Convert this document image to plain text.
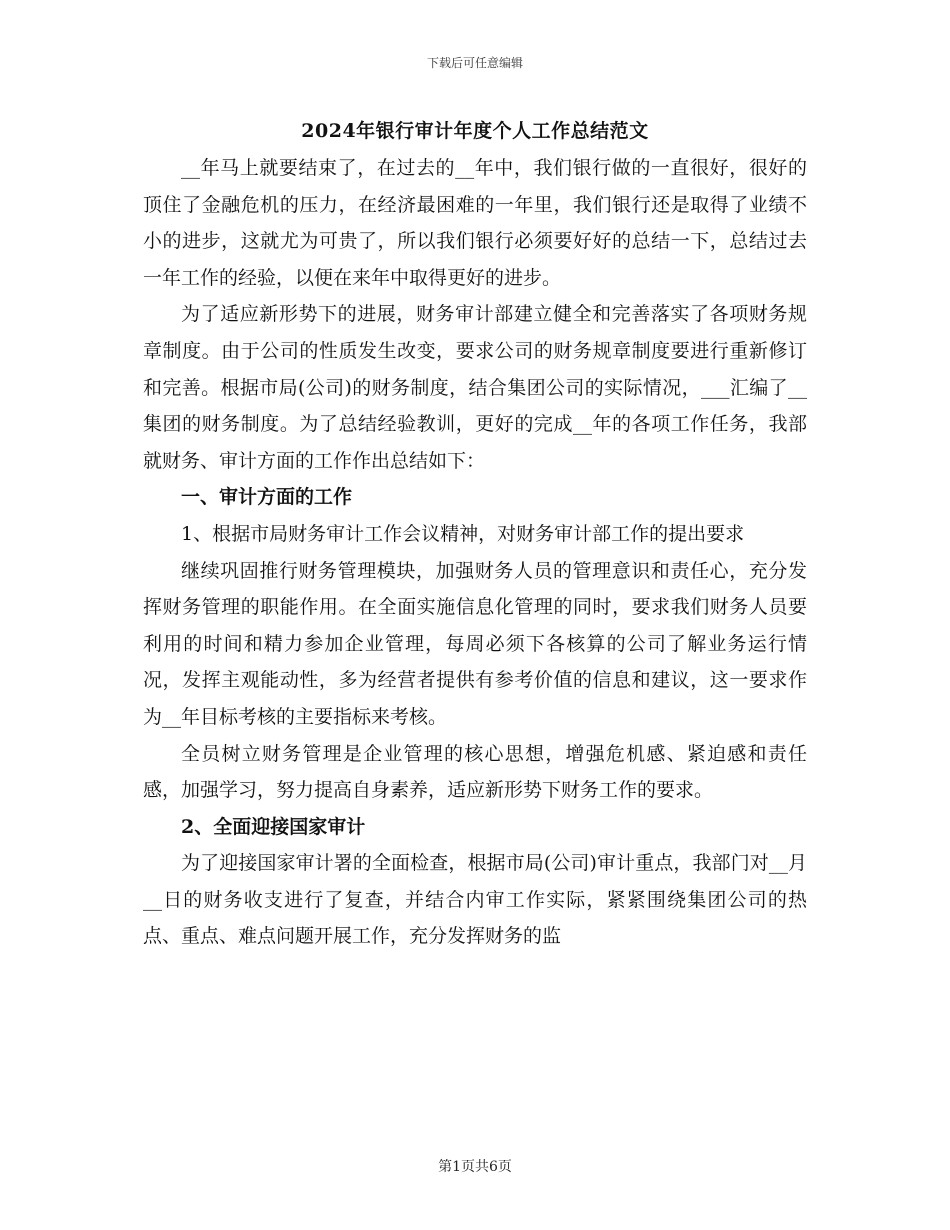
下载后可任意编辑
2024年银行审计年度个人工作总结范文

__年马上就要结束了，在过去的__年中，我们银行做的一直很好，很好的顶住了金融危机的压力，在经济最困难的一年里，我们银行还是取得了业绩不小的进步，这就尤为可贵了，所以我们银行必须要好好的总结一下，总结过去一年工作的经验，以便在来年中取得更好的进步。

为了适应新形势下的进展，财务审计部建立健全和完善落实了各项财务规章制度。由于公司的性质发生改变，要求公司的财务规章制度要进行重新修订和完善。根据市局(公司)的财务制度，结合集团公司的实际情况，___汇编了__集团的财务制度。为了总结经验教训，更好的完成__年的各项工作任务，我部就财务、审计方面的工作作出总结如下：

一、审计方面的工作

1、根据市局财务审计工作会议精神，对财务审计部工作的提出要求

继续巩固推行财务管理模块，加强财务人员的管理意识和责任心，充分发挥财务管理的职能作用。在全面实施信息化管理的同时，要求我们财务人员要利用的时间和精力参加企业管理，每周必须下各核算的公司了解业务运行情况，发挥主观能动性，多为经营者提供有参考价值的信息和建议，这一要求作为__年目标考核的主要指标来考核。

全员树立财务管理是企业管理的核心思想，增强危机感、紧迫感和责任感，加强学习，努力提高自身素养，适应新形势下财务工作的要求。

2、全面迎接国家审计

为了迎接国家审计署的全面检查，根据市局(公司)审计重点，我部门对__月__日的财务收支进行了复查，并结合内审工作实际，紧紧围绕集团公司的热点、重点、难点问题开展工作，充分发挥财务的监

第1页共6页
